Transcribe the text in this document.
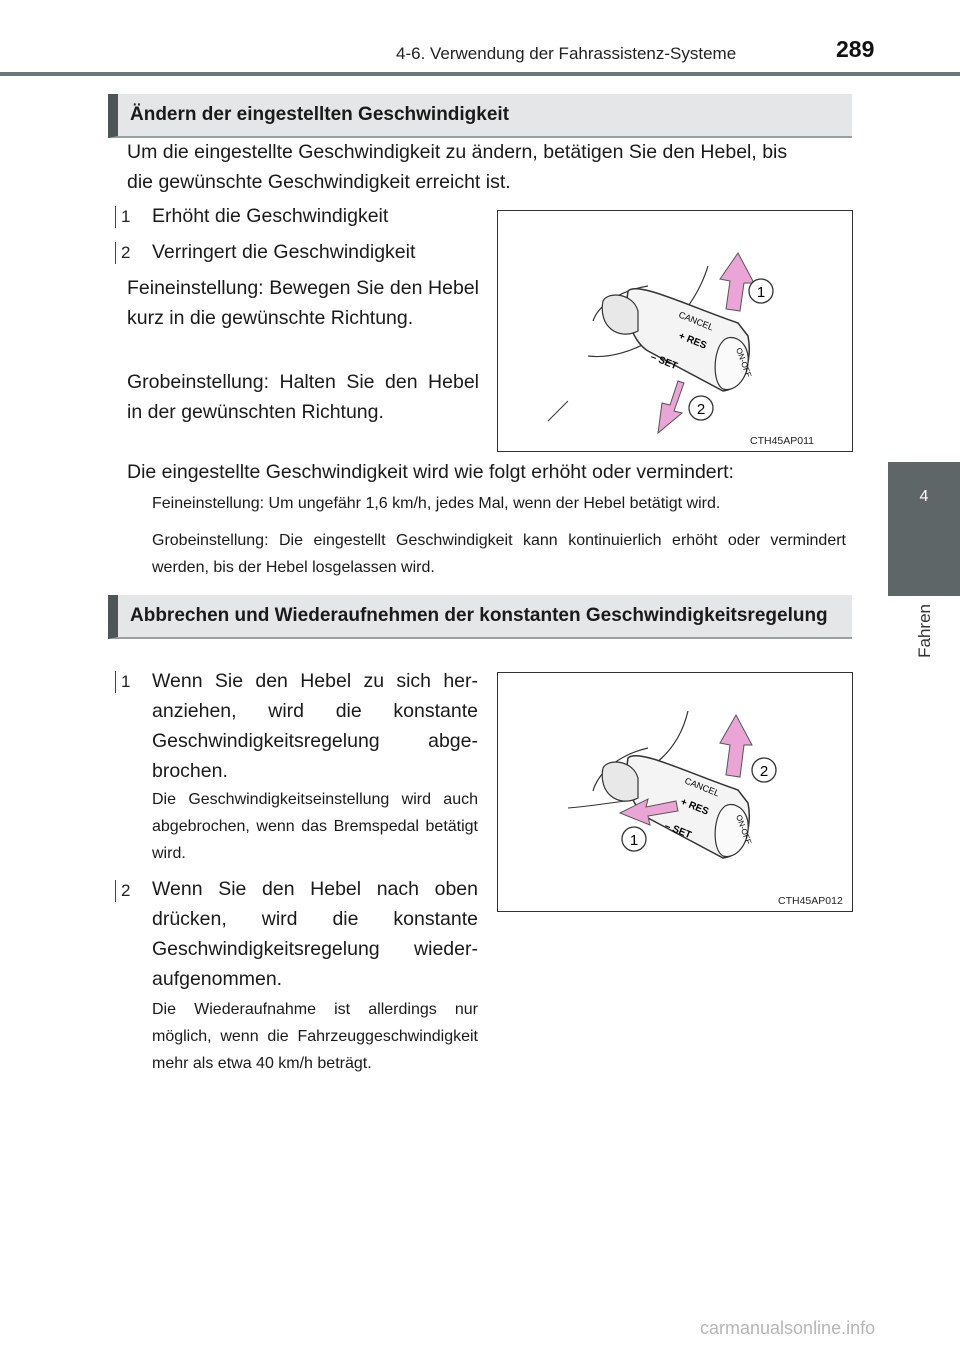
4-6. Verwendung der Fahrassistenz-Systeme	289
4
Fahren
Ändern der eingestellten Geschwindigkeit
Um die eingestellte Geschwindigkeit zu ändern, betätigen Sie den Hebel, bis
die gewünschte Geschwindigkeit erreicht ist.
1	Erhöht die Geschwindigkeit
2	Verringert die Geschwindigkeit
Feineinstellung: Bewegen Sie den Hebel kurz in die gewünschte Richtung.
Grobeinstellung: Halten Sie den Hebel in der gewünschten Richtung.
CANCEL
+ RES
– SET	ON-OFF
1
2
CTH45AP011
Die eingestellte Geschwindigkeit wird wie folgt erhöht oder vermindert:
Feineinstellung: Um ungefähr 1,6 km/h, jedes Mal, wenn der Hebel betätigt wird.
Grobeinstellung: Die eingestellt Geschwindigkeit kann kontinuierlich erhöht oder vermindert werden, bis der Hebel losgelassen wird.
Abbrechen und Wiederaufnehmen der konstanten Geschwindigkeitsregelung
1	Wenn Sie den Hebel zu sich heranziehen, wird die konstante Geschwindigkeitsregelung abgebrochen.
Die Geschwindigkeitseinstellung wird auch abgebrochen, wenn das Bremspedal betätigt wird.
2	Wenn Sie den Hebel nach oben drücken, wird die konstante Geschwindigkeitsregelung wiederaufgenommen.
Die Wiederaufnahme ist allerdings nur möglich, wenn die Fahrzeuggeschwindigkeit mehr als etwa 40 km/h beträgt.
CANCEL
+ RES
– SET	ON-OFF
2
1
CTH45AP012
carmanualsonline.info
